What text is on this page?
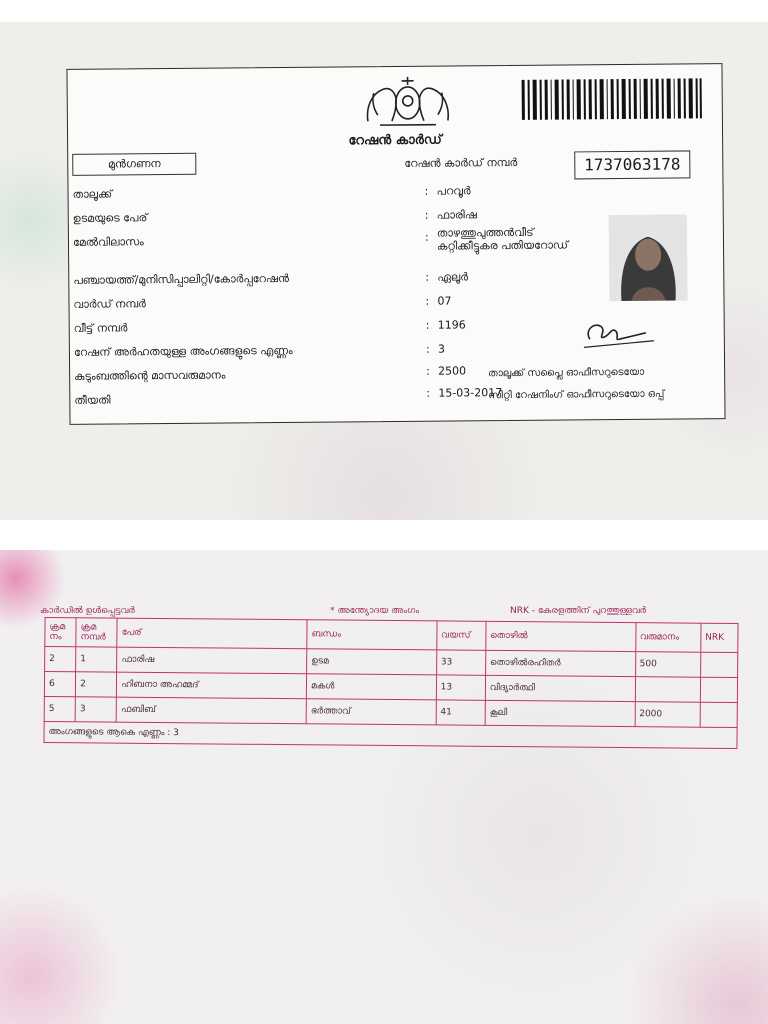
റേഷൻ കാർഡ്
മുൻഗണന	റേഷൻ കാർഡ് നമ്പർ	1737063178
താലൂക്ക്	: പറവൂർ
ഉടമയുടെ പേര്	: ഫാരിഷ
മേൽവിലാസം	: താഴത്തുപുത്തൻവീട്
കറ്റിക്കീട്ടുകര പതിയറോഡ്
പഞ്ചായത്ത്/മുനിസിപ്പാലിറ്റി/കോർപ്പറേഷൻ	: ഏലൂർ
വാർഡ് നമ്പർ	: 07
വീട്ട് നമ്പർ	: 1196
റേഷന് അർഹതയുള്ള അംഗങ്ങളുടെ എണ്ണം	: 3
കുടുംബത്തിന്റെ മാസവരുമാനം	: 2500
തീയതി
: 15-03-2017
താലൂക്ക് സപ്ലൈ ഓഫീസറുടെയോ
സിറ്റി റേഷനിംഗ് ഓഫീസറുടെയോ ഒപ്പ്
കാർഡിൽ ഉൾപ്പെട്ടവർ	* അന്ത്യോദയ അംഗം	NRK - കേരളത്തിന് പുറത്തുള്ളവർ
ക്രമ നം	ക്രമ നമ്പർ	പേര്	ബന്ധം	വയസ്	തൊഴിൽ	വരുമാനം	NRK
2	1	ഫാരിഷ	ഉടമ	33	തൊഴിൽരഹിതർ	500	
6	2	ഹിബനാ അഹമ്മദ്	മകൾ	13	വിദ്യാർത്ഥി		
5	3	ഫബിബ്	ഭർത്താവ്	41	കൂലി	2000	
അംഗങ്ങളുടെ ആകെ എണ്ണം : 3							
